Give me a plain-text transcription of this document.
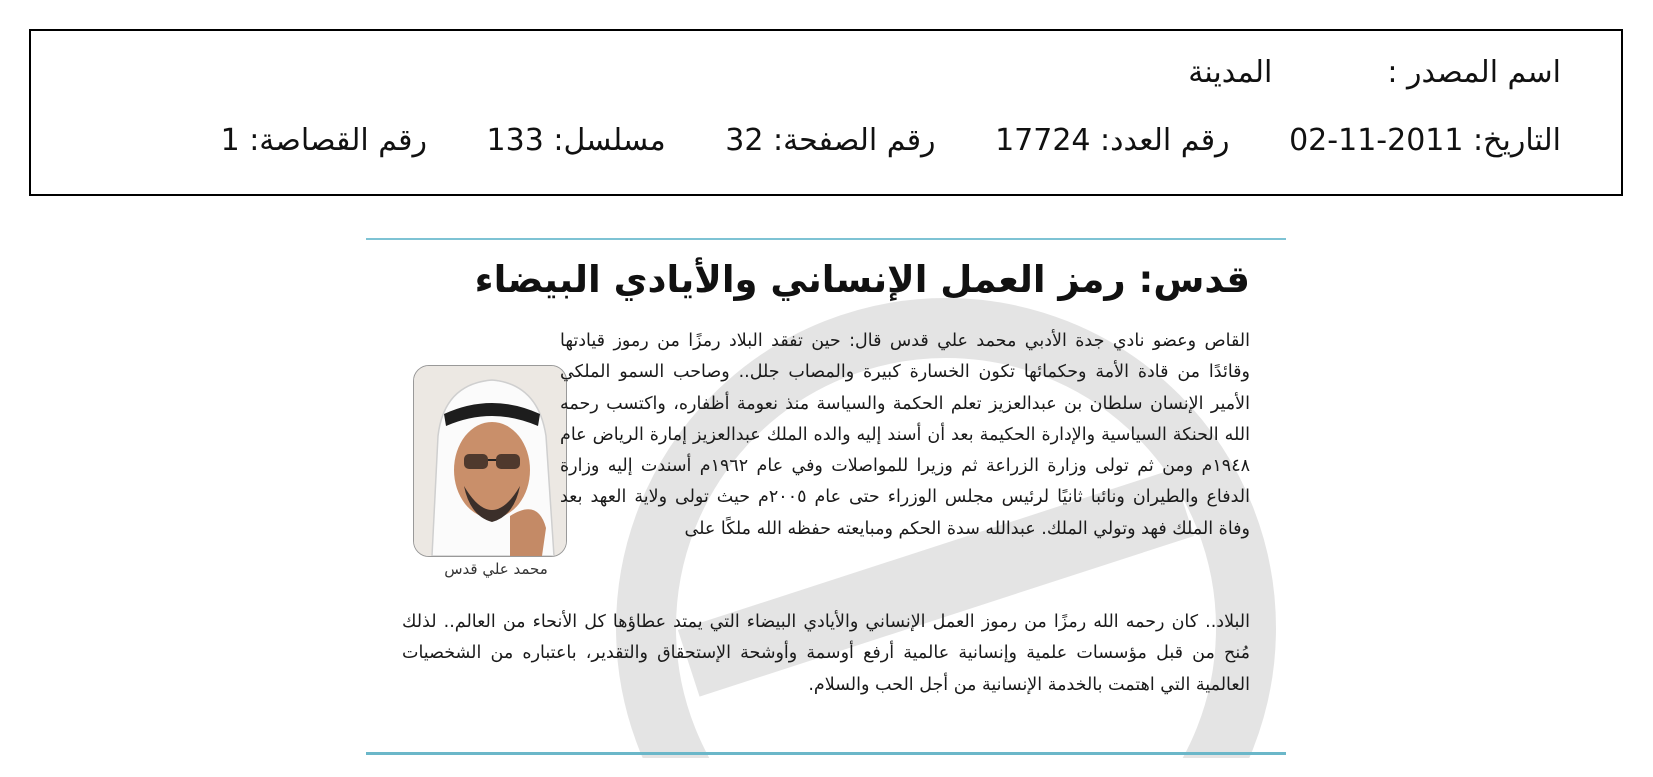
اسم المصدر :المدينة
التاريخ: 2011-11-02 رقم العدد: 17724 رقم الصفحة: 32 مسلسل: 133 رقم القصاصة: 1
قدس: رمز العمل الإنساني والأيادي البيضاء
محمد علي قدس
القاص وعضو نادي جدة الأدبي محمد علي قدس قال: حين تفقد البلاد رمزًا من رموز قيادتها وقائدًا من قادة الأمة وحكمائها تكون الخسارة كبيرة والمصاب جلل.. وصاحب السمو الملكي الأمير الإنسان سلطان بن عبدالعزيز تعلم الحكمة والسياسة منذ نعومة أظفاره، واكتسب رحمه الله الحنكة السياسية والإدارة الحكيمة بعد أن أسند إليه والده الملك عبدالعزيز إمارة الرياض عام ١٩٤٨م ومن ثم تولى وزارة الزراعة ثم وزيرا للمواصلات وفي عام ١٩٦٢م أسندت إليه وزارة الدفاع والطيران ونائبا ثانيًا لرئيس مجلس الوزراء حتى عام ٢٠٠٥م حيث تولى ولاية العهد بعد وفاة الملك فهد وتولي الملك. عبدالله سدة الحكم ومبايعته حفظه الله ملكًا على
البلاد.. كان رحمه الله رمزًا من رموز العمل الإنساني والأيادي البيضاء التي يمتد عطاؤها كل الأنحاء من العالم.. لذلك مُنح من قبل مؤسسات علمية وإنسانية عالمية أرفع أوسمة وأوشحة الإستحقاق والتقدير، باعتباره من الشخصيات العالمية التي اهتمت بالخدمة الإنسانية من أجل الحب والسلام.
